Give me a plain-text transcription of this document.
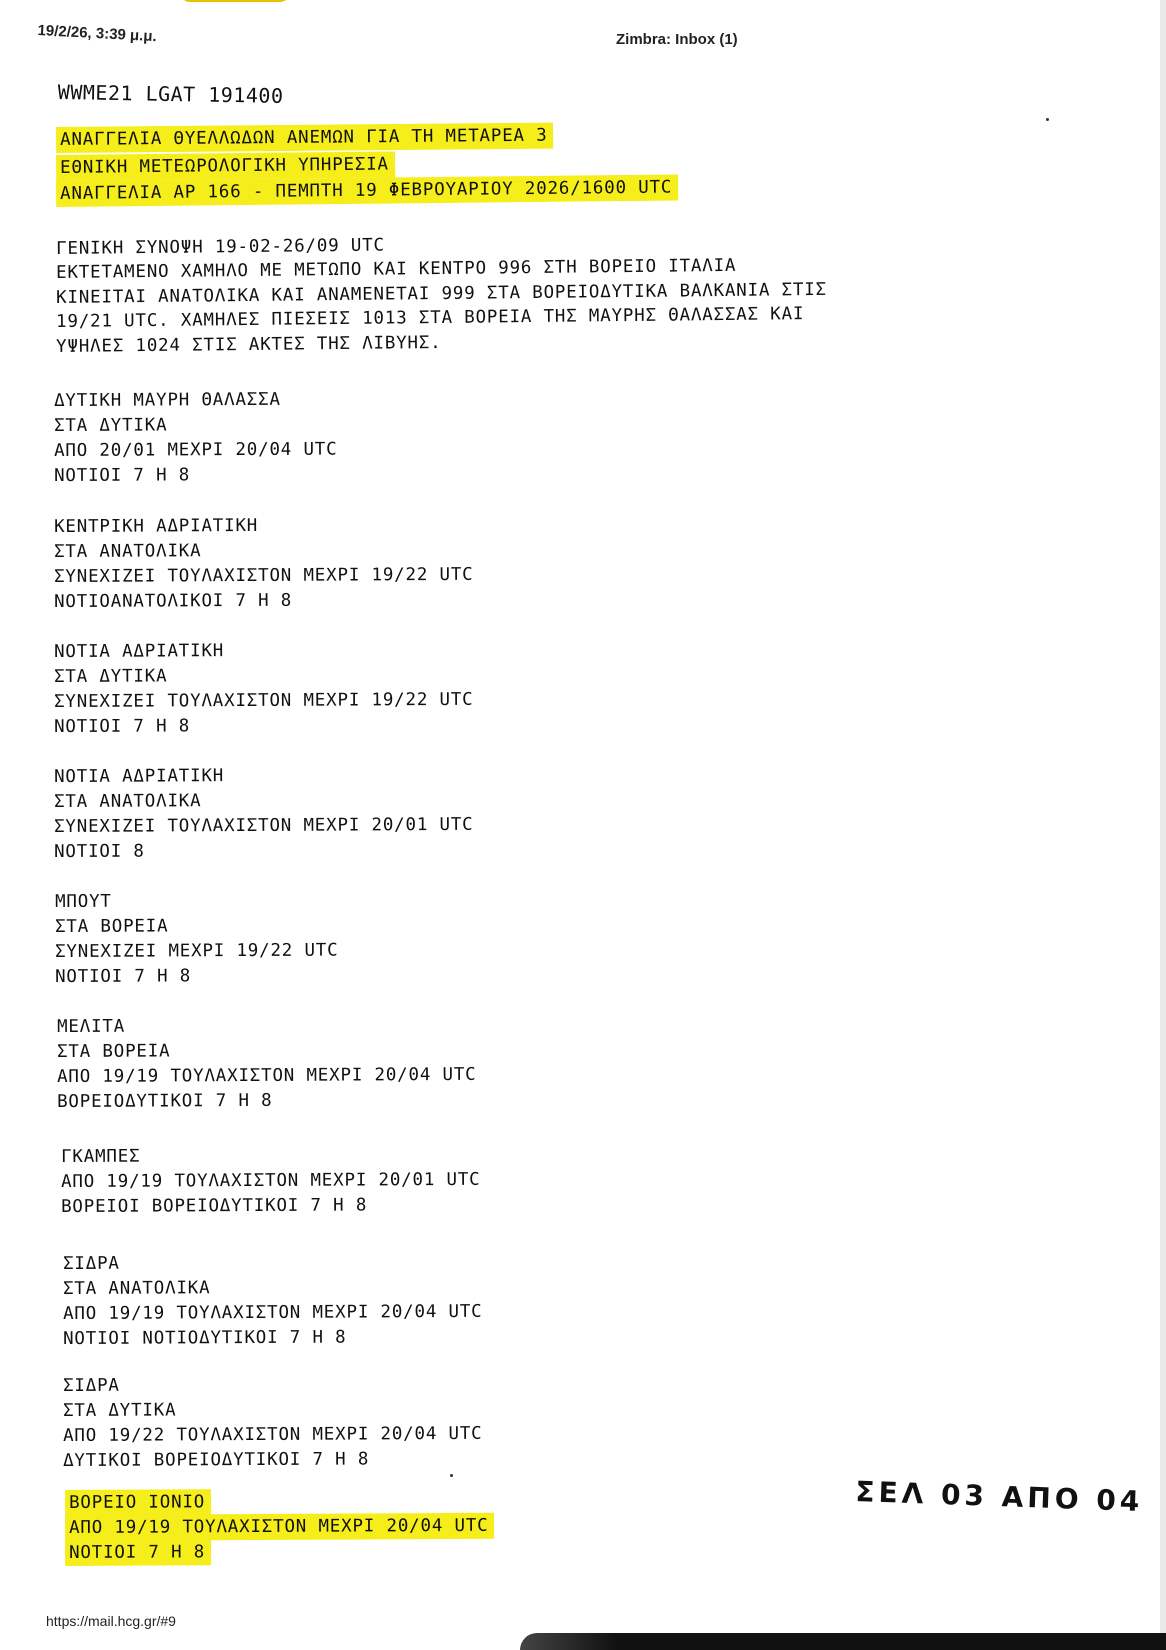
19/2/26, 3:39 μ.μ.	Zimbra: Inbox (1)
WWME21 LGAT 191400
ΑΝΑΓΓΕΛΙΑ ΘΥΕΛΛΩΔΩΝ ΑΝΕΜΩΝ ΓΙΑ ΤΗ ΜΕΤΑΡΕΑ 3
ΕΘΝΙΚΗ ΜΕΤΕΩΡΟΛΟΓΙΚΗ ΥΠΗΡΕΣΙΑ
ΑΝΑΓΓΕΛΙΑ ΑΡ 166 - ΠΕΜΠΤΗ 19 ΦΕΒΡΟΥΑΡΙΟΥ 2026/1600 UTC
ΓΕΝΙΚΗ ΣΥΝΟΨΗ 19-02-26/09 UTC
ΕΚΤΕΤΑΜΕΝΟ ΧΑΜΗΛΟ ΜΕ ΜΕΤΩΠΟ ΚΑΙ ΚΕΝΤΡΟ 996 ΣΤΗ ΒΟΡΕΙΟ ΙΤΑΛΙΑ
ΚΙΝΕΙΤΑΙ ΑΝΑΤΟΛΙΚΑ ΚΑΙ ΑΝΑΜΕΝΕΤΑΙ 999 ΣΤΑ ΒΟΡΕΙΟΔΥΤΙΚΑ ΒΑΛΚΑΝΙΑ ΣΤΙΣ
19/21 UTC. ΧΑΜΗΛΕΣ ΠΙΕΣΕΙΣ 1013 ΣΤΑ ΒΟΡΕΙΑ ΤΗΣ ΜΑΥΡΗΣ ΘΑΛΑΣΣΑΣ ΚΑΙ
ΥΨΗΛΕΣ 1024 ΣΤΙΣ ΑΚΤΕΣ ΤΗΣ ΛΙΒΥΗΣ.
ΔΥΤΙΚΗ ΜΑΥΡΗ ΘΑΛΑΣΣΑ
ΣΤΑ ΔΥΤΙΚΑ
ΑΠΟ 20/01 ΜΕΧΡΙ 20/04 UTC
ΝΟΤΙΟΙ 7 Η 8
ΚΕΝΤΡΙΚΗ ΑΔΡΙΑΤΙΚΗ
ΣΤΑ ΑΝΑΤΟΛΙΚΑ
ΣΥΝΕΧΙΖΕΙ ΤΟΥΛΑΧΙΣΤΟΝ ΜΕΧΡΙ 19/22 UTC
ΝΟΤΙΟΑΝΑΤΟΛΙΚΟΙ 7 Η 8
ΝΟΤΙΑ ΑΔΡΙΑΤΙΚΗ
ΣΤΑ ΔΥΤΙΚΑ
ΣΥΝΕΧΙΖΕΙ ΤΟΥΛΑΧΙΣΤΟΝ ΜΕΧΡΙ 19/22 UTC
ΝΟΤΙΟΙ 7 Η 8
ΝΟΤΙΑ ΑΔΡΙΑΤΙΚΗ
ΣΤΑ ΑΝΑΤΟΛΙΚΑ
ΣΥΝΕΧΙΖΕΙ ΤΟΥΛΑΧΙΣΤΟΝ ΜΕΧΡΙ 20/01 UTC
ΝΟΤΙΟΙ 8
ΜΠΟΥΤ
ΣΤΑ ΒΟΡΕΙΑ
ΣΥΝΕΧΙΖΕΙ ΜΕΧΡΙ 19/22 UTC
ΝΟΤΙΟΙ 7 Η 8
ΜΕΛΙΤΑ
ΣΤΑ ΒΟΡΕΙΑ
ΑΠΟ 19/19 ΤΟΥΛΑΧΙΣΤΟΝ ΜΕΧΡΙ 20/04 UTC
ΒΟΡΕΙΟΔΥΤΙΚΟΙ 7 Η 8
ΓΚΑΜΠΕΣ
ΑΠΟ 19/19 ΤΟΥΛΑΧΙΣΤΟΝ ΜΕΧΡΙ 20/01 UTC
ΒΟΡΕΙΟΙ ΒΟΡΕΙΟΔΥΤΙΚΟΙ 7 Η 8
ΣΙΔΡΑ
ΣΤΑ ΑΝΑΤΟΛΙΚΑ
ΑΠΟ 19/19 ΤΟΥΛΑΧΙΣΤΟΝ ΜΕΧΡΙ 20/04 UTC
ΝΟΤΙΟΙ ΝΟΤΙΟΔΥΤΙΚΟΙ 7 Η 8
ΣΙΔΡΑ
ΣΤΑ ΔΥΤΙΚΑ
ΑΠΟ 19/22 ΤΟΥΛΑΧΙΣΤΟΝ ΜΕΧΡΙ 20/04 UTC
ΔΥΤΙΚΟΙ ΒΟΡΕΙΟΔΥΤΙΚΟΙ 7 Η 8
ΒΟΡΕΙΟ ΙΟΝΙΟ
ΑΠΟ 19/19 ΤΟΥΛΑΧΙΣΤΟΝ ΜΕΧΡΙ 20/04 UTC
ΝΟΤΙΟΙ 7 Η 8
ΣΕΛ 03 ΑΠΟ 04
https://mail.hcg.gr/#9
